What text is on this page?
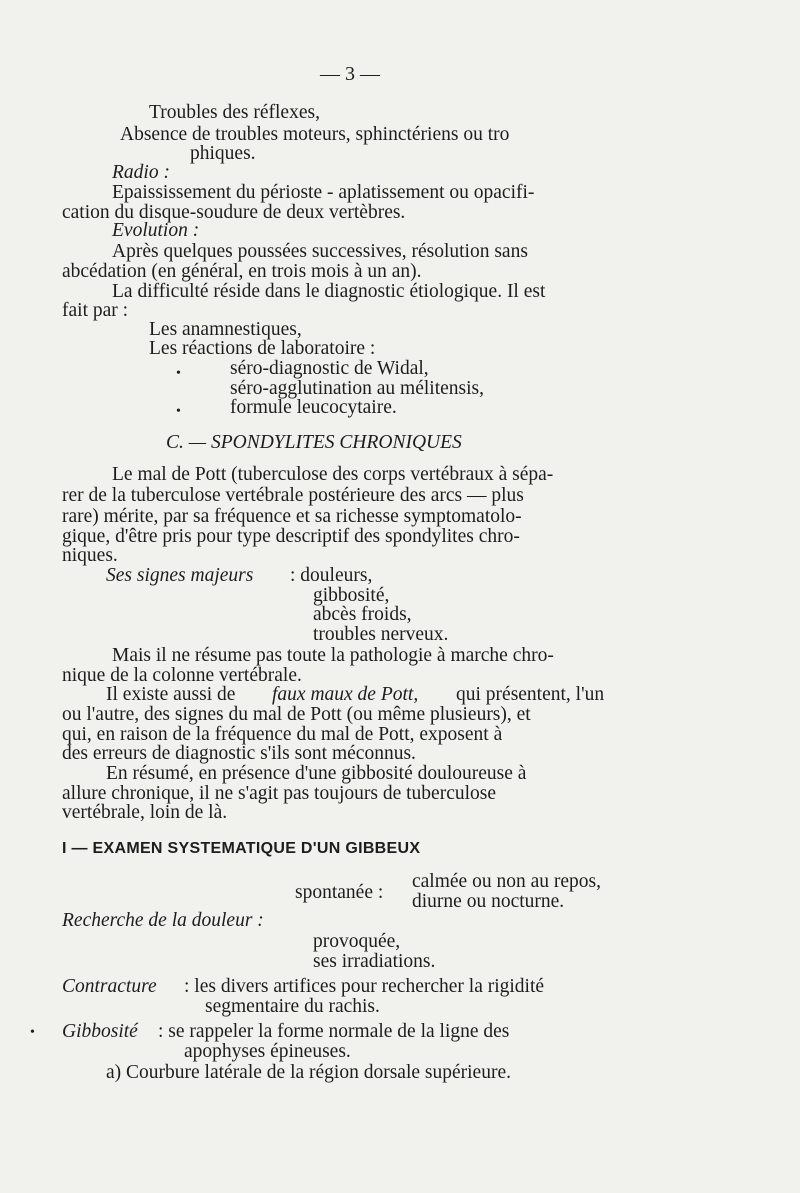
— 3 —
Troubles des réflexes,
Absence de troubles moteurs, sphinctériens ou tro
phiques.
Radio :
Epaississement du périoste - aplatissement ou opacifi-
cation du disque-soudure de deux vertèbres.
Evolution :
Après quelques poussées successives, résolution sans
abcédation (en général, en trois mois à un an).
La difficulté réside dans le diagnostic étiologique. Il est
fait par :
Les anamnestiques,
Les réactions de laboratoire :
•	séro-diagnostic de Widal,
séro-agglutination au mélitensis,
•	formule leucocytaire.
C. — SPONDYLITES CHRONIQUES
Le mal de Pott (tuberculose des corps vertébraux à sépa-
rer de la tuberculose vertébrale postérieure des arcs — plus
rare) mérite, par sa fréquence et sa richesse symptomatolo-
gique, d'être pris pour type descriptif des spondylites chro-
niques.
Ses signes majeurs : douleurs,
gibbosité,
abcès froids,
troubles nerveux.
Mais il ne résume pas toute la pathologie à marche chro-
nique de la colonne vertébrale.
Il existe aussi de faux maux de Pott, qui présentent, l'un
ou l'autre, des signes du mal de Pott (ou même plusieurs), et
qui, en raison de la fréquence du mal de Pott, exposent à
des erreurs de diagnostic s'ils sont méconnus.
En résumé, en présence d'une gibbosité douloureuse à
allure chronique, il ne s'agit pas toujours de tuberculose
vertébrale, loin de là.
I — EXAMEN SYSTEMATIQUE D'UN GIBBEUX
calmée ou non au repos,
spontanée : diurne ou nocturne.
Recherche de la douleur :
provoquée,
ses irradiations.
Contracture : les divers artifices pour rechercher la rigidité
segmentaire du rachis.
• Gibbosité : se rappeler la forme normale de la ligne des
apophyses épineuses.
a) Courbure latérale de la région dorsale supérieure.
